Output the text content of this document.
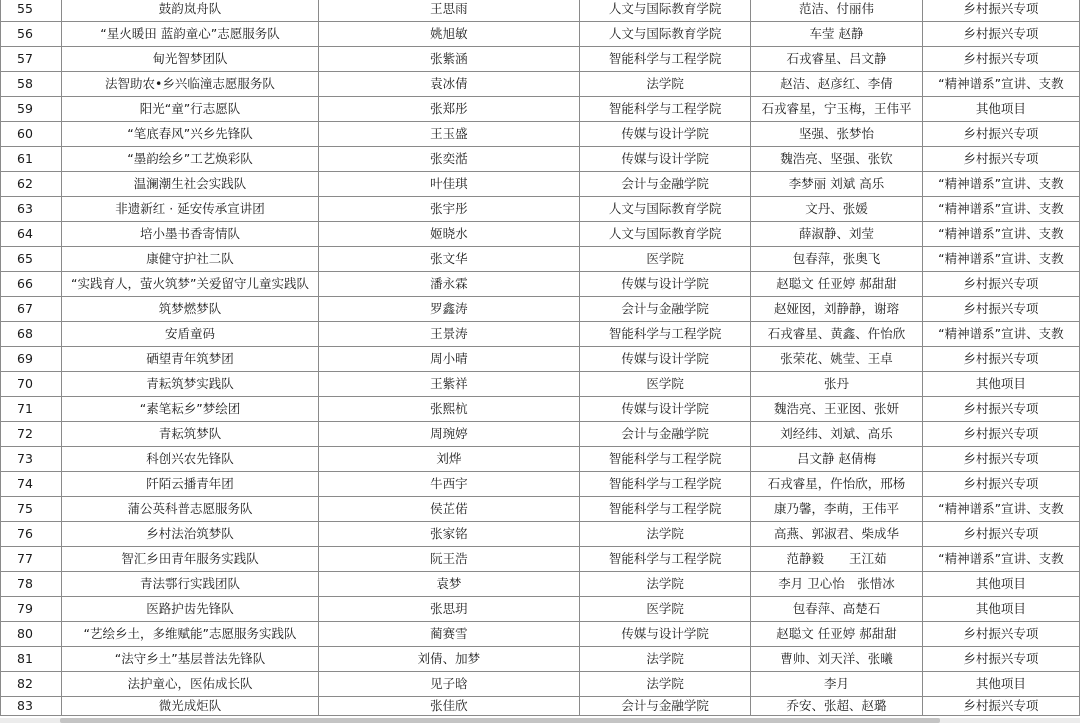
55	鼓韵岚舟队	王思雨	人文与国际教育学院	范洁、付丽伟	乡村振兴专项
56	“星火暖田 蓝韵童心”志愿服务队	姚旭敏	人文与国际教育学院	车莹 赵静	乡村振兴专项
57	甸光智梦团队	张紫涵	智能科学与工程学院	石戎睿星、吕文静	乡村振兴专项
58	法智助农•乡兴临潼志愿服务队	袁冰倩	法学院	赵洁、赵彦红、李倩	“精神谱系”宣讲、支教
59	阳光“童”行志愿队	张郑彤	智能科学与工程学院	石戎睿星，宁玉梅，王伟平	其他项目
60	“笔底春风”兴乡先锋队	王玉盛	传媒与设计学院	坚强、张梦怡	乡村振兴专项
61	“墨韵绘乡”工艺焕彩队	张奕湉	传媒与设计学院	魏浩亮、坚强、张钦	乡村振兴专项
62	温澜潮生社会实践队	叶佳琪	会计与金融学院	李梦丽 刘斌 高乐	“精神谱系”宣讲、支教
63	非遗新红 · 延安传承宣讲团	张宇彤	人文与国际教育学院	文丹、张媛	“精神谱系”宣讲、支教
64	培小墨书香寄情队	姬晓水	人文与国际教育学院	薛淑静、刘莹	“精神谱系”宣讲、支教
65	康健守护社二队	张文华	医学院	包春萍，张奥飞	“精神谱系”宣讲、支教
66	“实践育人，萤火筑梦”关爱留守儿童实践队	潘永霖	传媒与设计学院	赵聪文 任亚婷 郝甜甜	乡村振兴专项
67	筑梦燃梦队	罗鑫涛	会计与金融学院	赵娅囡，刘静静，谢瑢	乡村振兴专项
68	安盾童码	王景涛	智能科学与工程学院	石戎睿星、黄鑫、仵怡欣	“精神谱系”宣讲、支教
69	硒望青年筑梦团	周小晴	传媒与设计学院	张荣花、姚莹、王卓	乡村振兴专项
70	青耘筑梦实践队	王紫祥	医学院	张丹	其他项目
71	“素笔耘乡”梦绘团	张熙杭	传媒与设计学院	魏浩亮、王亚囡、张妍	乡村振兴专项
72	青耘筑梦队	周琬婷	会计与金融学院	刘经纬、刘斌、高乐	乡村振兴专项
73	科创兴农先锋队	刘烨	智能科学与工程学院	吕文静 赵倩梅	乡村振兴专项
74	阡陌云播青年团	牛西宇	智能科学与工程学院	石戎睿星，仵怡欣，邢杨	乡村振兴专项
75	蒲公英科普志愿服务队	侯芷偌	智能科学与工程学院	康乃馨，李萌，王伟平	“精神谱系”宣讲、支教
76	乡村法治筑梦队	张家铭	法学院	高燕、郭淑君、柴成华	乡村振兴专项
77	智汇乡田青年服务实践队	阮王浩	智能科学与工程学院	范静毅　　王江茹	“精神谱系”宣讲、支教
78	青法鄠行实践团队	袁梦	法学院	李月 卫心怡　张惜冰	其他项目
79	医路护齿先锋队	张思玥	医学院	包春萍、高楚石	其他项目
80	“艺绘乡土，多维赋能”志愿服务实践队	蔺赛雪	传媒与设计学院	赵聪文 任亚婷 郝甜甜	乡村振兴专项
81	“法守乡土”基层普法先锋队	刘倩、加梦	法学院	曹帅、刘天洋、张曦	乡村振兴专项
82	法护童心，医佑成长队	见子晗	法学院	李月	其他项目
83	微光成炬队	张佳欣	会计与金融学院	乔安、张超、赵璐	乡村振兴专项
